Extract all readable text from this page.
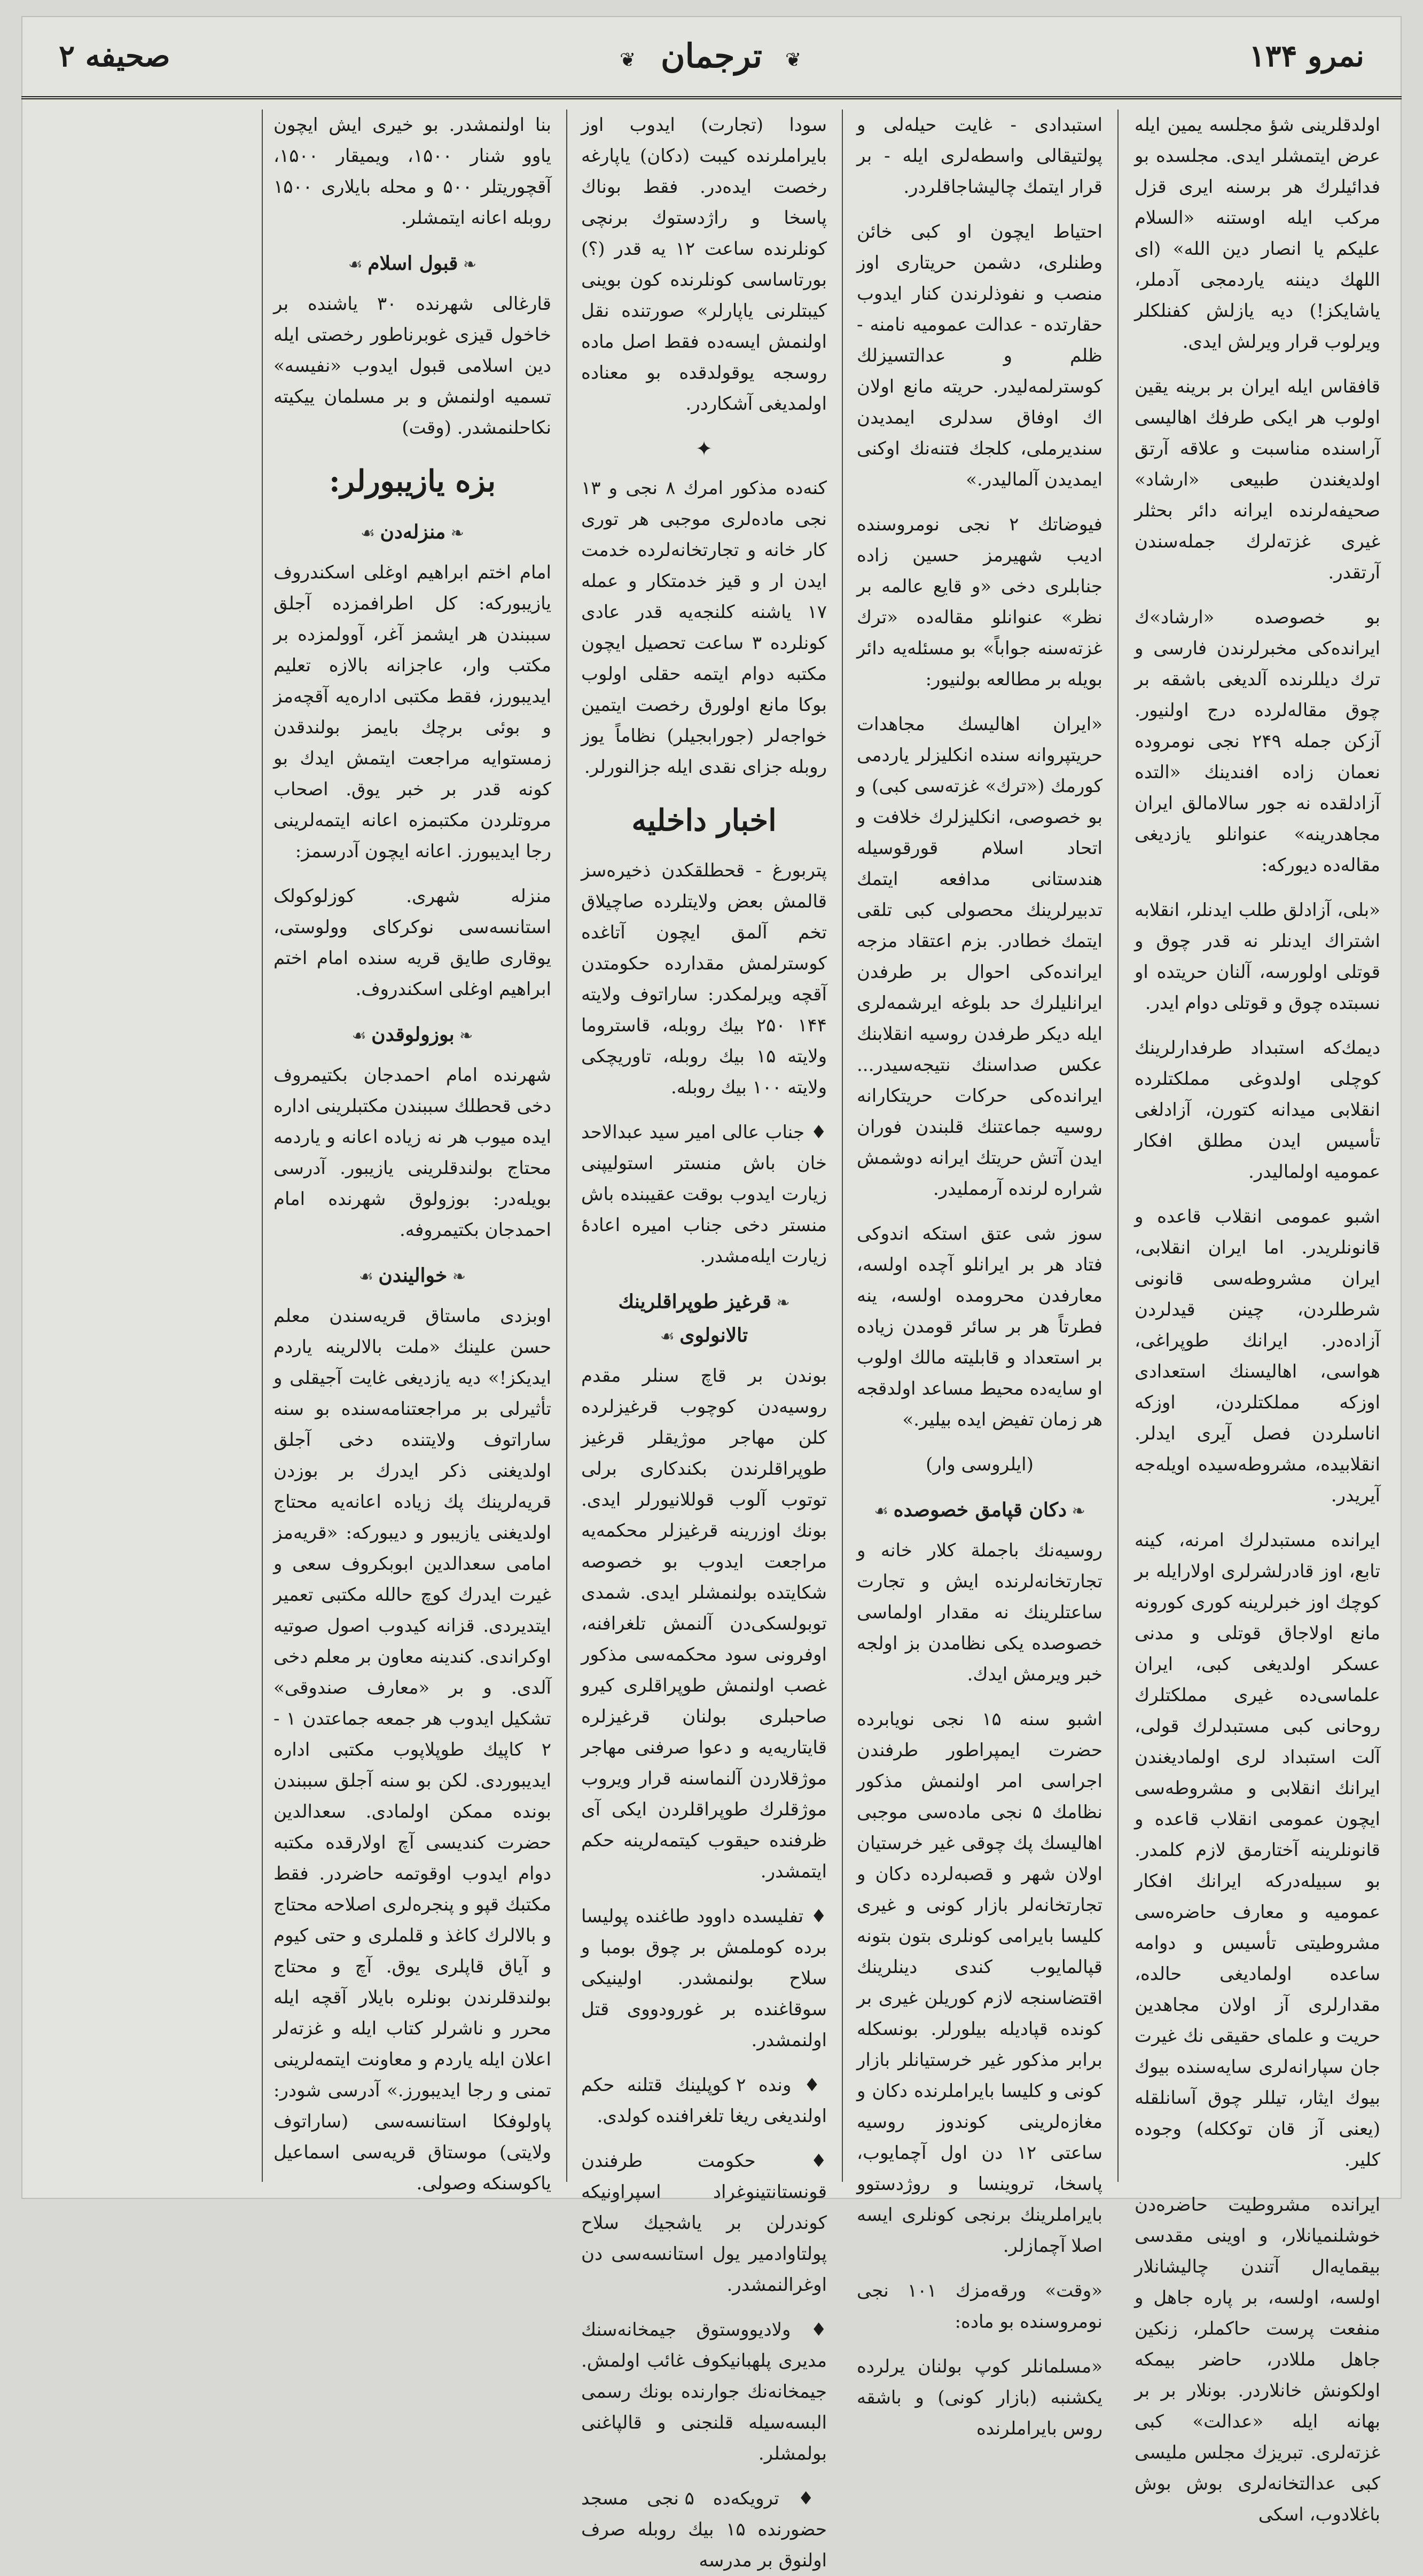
نمرو ۱۳۴
❦ ترجمان	❦
صحیفه ۲

اولدقلرینی شؤ مجلسه یمین ایله عرض ایتمشلر ایدی. مجلسده بو فدائیلرك هر برسنه ایری قزل مرکب ایله اوستنه «السلام علیکم یا انصار دین الله» (ای اللهك دیننه یاردمجی آدملر، یاشایکز!) دیه یازلش کفنلکلر ویرلوب قرار ویرلش ایدی.

قافقاس ایله ایران بر برینه یقین اولوب هر ایکی طرفك اهالیسی آراسنده مناسبت و علاقه آرتق اولدیغندن طبیعی «ارشاد» صحیفه‌لرنده ایرانه دائر بحثلر غیری غزته‌لرك جمله‌سندن آرتقدر.

بو خصوصده «ارشاد»‌ك ایرانده‌کی مخبرلرندن فارسی و ترك دیللرنده آلدیغی باشقه بر چوق مقاله‌لرده درج اولنیور. آزکن جمله ۲۴۹ نجی نومروده نعمان زاده افندینك «التده آزادلقده نه جور سالامالق ایران مجاهدرینه» عنوانلو یازدیغی مقاله‌ده دیورکه:

«بلی، آزادلق طلب ایدنلر، انقلابه اشتراك ایدنلر نه قدر چوق و قوتلی اولورسه، آلنان حریتده او نسبتده چوق و قوتلی دوام ایدر.

دیمك‌که استبداد طرفدارلرینك کوچلی اولدوغی مملکتلرده انقلابی میدانه کتورن، آزادلغی تأسیس ایدن مطلق افکار عمومیه اولمالیدر.

اشبو عمومی انقلاب قاعده و قانونلریدر. اما ایران انقلابی، ایران مشروطه‌سی قانونی شرطلردن، چینن قیدلردن آزاده‌در. ایرانك طوپراغی، هواسی، اهالیسنك استعدادی اوزکه مملکتلردن، اوزکه اناسلردن فصل آیری ایدلر. انقلابیده، مشروطه‌سیده اویله‌جه آیریدر.

ایرانده مستبدلرك امرنه، کینه تابع، اوز قادرلشرلری اولارایله بر کوچك اوز خبرلرینه کوری کورونه مانع اولاجاق قوتلی و مدنی عسکر اولدیغی کبی، ایران علماسی‌ده غیری مملکتلرك روحانی کبی مستبدلرك قولی، آلت استبداد لری اولمادیغندن ایرانك انقلابی و مشروطه‌سی ایچون عمومی انقلاب قاعده و قانونلرینه آختارمق لازم کلمدر. بو سبیله‌درکه ایرانك افکار عمومیه و معارف حاضره‌سی مشروطیتی تأسیس و دوامه ساعده اولمادیغی حالده، مقدارلری آز اولان مجاهدین حریت و علمای حقیقی نك غیرت جان سپارانه‌لری سایه‌سنده بیوك بیوك ایثار، تیللر چوق آسانلقله (یعنی آز قان توککله) وجوده کلیر.

ایرانده مشروطیت حاضره‌دن خوشلنمیانلار، و اوینی مقدسی بیقمایه‌ال آتندن چالیشانلار اولسه، اولسه، بر پاره جاهل و منفعت پرست حاکملر، زنکین جاهل مللادر، حاضر بیمکه اولکونش خانلاردر. بونلار بر بر بهانه ایله «عدالت» کبی غزته‌لری. تبریزك مجلس ملیسی کبی عدالتخانه‌لری بوش بوش باغلادوب، اسکی

استبدادی - غایت حیله‌لی و پولتیقالی واسطه‌لری ایله - بر قرار ایتمك چالیشاجاقلردر.

احتیاط ایچون او کبی خائن وطنلری، دشمن حریتاری اوز منصب و نفوذلرندن کنار ایدوب حقارتده - عدالت عمومیه نامنه - ظلم و عدالتسیزلك کوسترلمه‌لیدر. حریته مانع اولان اك اوفاق سدلری ایمدیدن سندیرملی، کلجك فتنه‌نك اوکنی ایمدیدن آلمالیدر.»

فیوضاتك ۲ نجی نومروسنده ادیب شهیرمز حسین زاده جنابلری دخی «و قایع عالمه بر نظر» عنوانلو مقاله‌ده «ترك غزته‌سنه جواباً» بو مسئله‌یه دائر بویله بر مطالعه بولنیور:

«ایران اهالیسك مجاهدات حریتپروانه سنده انکلیزلر یاردمی کورمك («ترك» غزته‌سی کبی) و بو خصوصی، انکلیزلرك خلافت و اتحاد اسلام قورقوسیله هندستانی مدافعه ایتمك تدبیرلرینك محصولی کبی تلقی ایتمك خطادر. بزم اعتقاد مزجه ایرانده‌کی احوال بر طرفدن ایرانلیلرك حد بلوغه ایرشمه‌لری ایله دیکر طرفدن روسیه انقلابنك عکس صداسنك نتیجه‌سیدر... ایرانده‌کی حرکات حریتکارانه روسیه جماعتنك قلبندن فوران ایدن آتش حریتك ایرانه دوشمش شراره لرنده آرمملیدر.

سوز شی عتق استکه اندوکی فتاد هر بر ایرانلو آچده اولسه، معارفدن محرومده اولسه، ینه فطرتاً هر بر سائر قومدن زیاده بر استعداد و قابلیته مالك اولوب او سایه‌ده محیط مساعد اولدقجه هر زمان تفیض ایده بیلیر.»

(ایلروسی وار)
❧ دکان قپامق خصوصده ☙

روسیه‌نك باجملة کلار خانه و تجارتخانه‌لرنده ایش و تجارت ساعتلرینك نه مقدار اولماسی خصوصده یکی نظامدن بز اولجه خبر ویرمش ایدك.

اشبو سنه ۱۵ نجی نویابرده حضرت ایمپراطور طرفندن اجراسی امر اولنمش مذکور نظامك ۵ نجی ماده‌سی موجبی اهالیسك پك چوقی غیر خرستیان اولان شهر و قصبه‌لرده دکان و تجارتخانه‌لر بازار کونی و غیری کلیسا بایرامی کونلری بتون بتونه قپالمایوب کندی دینلرینك اقتضاسنجه لازم کوریلن غیری بر کونده قپادیله بیلورلر. بونسکله برابر مذکور غیر خرستیانلر بازار کونی و کلیسا بایراملرنده دکان و مغازه‌لرینی کوندوز روسیه ساعتی ۱۲ دن اول آچمایوب، پاسخا، تروینسا و روژدستوو بایراملرینك برنجی کونلری ایسه اصلا آچمازلر.

«وقت» ورقه‌مزك ۱۰۱ نجی نومروسنده بو ماده:

«مسلمانلر کوپ بولنان یرلرده یکشنبه (بازار کونی) و باشقه روس بایراملرنده

سودا (تجارت) ایدوب اوز بایراملرنده کیبت (دکان) یاپارغه رخصت ایده‌در. فقط بوناك پاسخا و راژدستوك برنچی کونلرنده ساعت ۱۲ یه قدر (؟) بورتاساسی کونلرنده کون بوینی کیبتلرنی یاپارلر» صورتنده نقل اولنمش ایسه‌ده فقط اصل ماده روسجه یوقولدقده بو معناده اولمدیغی آشکاردر.

✦

کنه‌ده مذکور امرك ۸ نجی و ۱۳ نجی ماده‌لری موجبی هر توری کار خانه و تجارتخانه‌لرده خدمت ایدن ار و قیز خدمتکار و عمله ۱۷ یاشنه کلنجه‌یه قدر عادی کونلرده ۳ ساعت تحصیل ایچون مکتبه دوام ایتمه حقلی اولوب بوکا مانع اولورق رخصت ایتمین خواجه‌لر (جورابجیلر) نظاماً یوز روبله جزای نقدی ایله جزالنورلر.

اخبار داخلیه

پتربورغ - قحطلقکدن ذخیره‌سز قالمش بعض ولایتلرده صاچیلاق تخم آلمق ایچون آتاغده کوسترلمش مقدارده حکومتدن آقچه ویرلمکدر: ساراتوف ولایته ۱۴۴ ۲۵۰ بیك روبله، قاستروما ولایته ۱۵ بیك روبله، تاوریچکی ولایته ۱۰۰ بیك روبله.

♦ جناب عالی امیر سید عبدالاحد خان باش منستر استولیپنی زیارت ایدوب بوقت عقیبنده باش منستر دخی جناب امیره اعادۀ زیارت ایله‌مشدر.

❧ قرغیز طوپراقلرینك تالانولوی ☙

بوندن بر قاچ سنلر مقدم روسیه‌دن کوچوب قرغیزلرده کلن مهاجر موژیقلر قرغیز طوپراقلرندن بکندکاری برلی توتوب آلوب قوللانیورلر ایدی. بونك اوزرینه قرغیزلر محکمه‌یه مراجعت ایدوب بو خصوصه شکایتده بولنمشلر ایدی. شمدی توبولسکی‌دن آلنمش تلغرافنه، اوفرونی سود محکمه‌سی مذکور غصب اولنمش طوپراقلری کیرو صاحبلری بولنان قرغیزلره قایتاریه‌یه و دعوا صرفنی مهاجر موژقلاردن آلنماسنه قرار ویروب موژقلرك طوپراقلردن ایکی آی ظرفنده حیقوب کیتمه‌لرینه حکم ایتمشدر.

♦ تفلیسده داوود طاغنده پولیسا برده کوملمش بر چوق بومبا و سلاح بولنمشدر. اولینیکی سوقاغنده بر غورودووی قتل اولنمشدر.

♦ ونده ۲ کوپلینك قتلنه حکم اولندیغی ریغا تلغرافنده کولدی.

♦ حکومت طرفندن قونستانتینوغراد اسپراونیکه کوندرلن بر یاشجیك سلاح پولتاوادمیر یول استانسه‌سی دن اوغرالنمشدر.

♦ ولادیووستوق جیمخانه‌سنك مدیری پلهبانیکوف غائب اولمش. جیمخانه‌نك جوارنده بونك رسمی البسه‌سیله قلنجنی و قالپاغنی بولمشلر.

♦ ترویکه‌ده ۵ نجی مسجد حضورنده ۱۵ بیك روبله صرف اولنوق بر مدرسه

بنا اولنمشدر. بو خیری ایش ایچون یاوو شنار ۱۵۰۰، ویمیقار ۱۵۰۰، آقچوریتلر ۵۰۰ و محله بایلاری ۱۵۰۰ روبله اعانه ایتمشلر.

❧ قبول اسلام ☙

قارغالی شهرنده ۳۰ یاشنده بر خاخول قیزی غوبرناطور رخصتی ایله دین اسلامی قبول ایدوب «نفیسه» تسمیه اولنمش و بر مسلمان ییکیته نکاحلنمشدر. (وقت)

بزه یازیبورلر:
❧ منزله‌دن ☙

امام اختم ابراهیم اوغلی اسکندروف یازیبورکه: کل اطرافمزده آجلق سببندن هر ایشمز آغر، آوولمزده بر مکتب وار، عاجزانه بالازه تعلیم ایدیبورز، فقط مکتبی اداره‌یه آقچه‌مز و بوئی برچك بایمز بولندقدن زمستوایه مراجعت ایتمش ایدك بو کونه قدر بر خبر یوق. اصحاب مروتلردن مکتبمزه اعانه ایتمه‌لرینی رجا ایدیبورز. اعانه ایچون آدرسمز:

منزله شهری. کوزلوکولک استانسه‌سی نوکرکای وولوستی، یوقاری طایق قریه سنده امام اختم ابراهیم اوغلی اسکندروف.

❧ بوزولوقدن ☙

شهرنده امام احمدجان بکتیمروف دخی قحطلك سببندن مکتبلرینی اداره ایده میوب هر نه زیاده اعانه و یاردمه محتاج بولندقلرینی یازیبور. آدرسی بویله‌در: بوزولوق شهرنده امام احمدجان بکتیمروفه.

❧ خوالیندن ☙

اوبزدی ماستاق قریه‌سندن معلم حسن علینك «ملت بالالرینه یاردم ایدیکز!» دیه یازدیغی غایت آجیقلی و تأثیرلی بر مراجعتنامه‌سنده بو سنه ساراتوف ولایتنده دخی آجلق اولدیغنی ذکر ایدرك بر بوزدن قریه‌لرینك پك زیاده اعانه‌یه محتاج اولدیغنی یازیبور و دیبورکه: «قریه‌مز امامی سعدالدین ابوبکروف سعی و غیرت ایدرك کوچ حالله مکتبی تعمیر ایتدیردی. قزانه کیدوب اصول صوتیه اوکراندی. کندینه معاون بر معلم دخی آلدی. و بر «معارف صندوقی» تشکیل ایدوب هر جمعه جماعتدن ۱ - ۲ کاپیك طوپلاپوب مکتبی اداره ایدیبوردی. لکن بو سنه آجلق سببندن بونده ممکن اولمادی. سعدالدین حضرت کندیسی آچ اولارقده مکتبه دوام ایدوب اوقوتمه حاضردر. فقط مکتبك قپو و پنجره‌لری اصلاحه محتاج و بالالرك کاغذ و قلملری و حتی کیوم و آیاق قاپلری یوق. آچ و محتاج بولندقلرندن بونلره بایلار آقچه ایله محرر و ناشرلر کتاب ایله و غزته‌لر اعلان ایله یاردم و معاونت ایتمه‌لرینی تمنی و رجا ایدیبورز.» آدرسی شودر: پاولوفکا استانسه‌سی (ساراتوف ولایتی) موستاق قریه‌سی اسماعیل یاکوسنکه وصولی.
